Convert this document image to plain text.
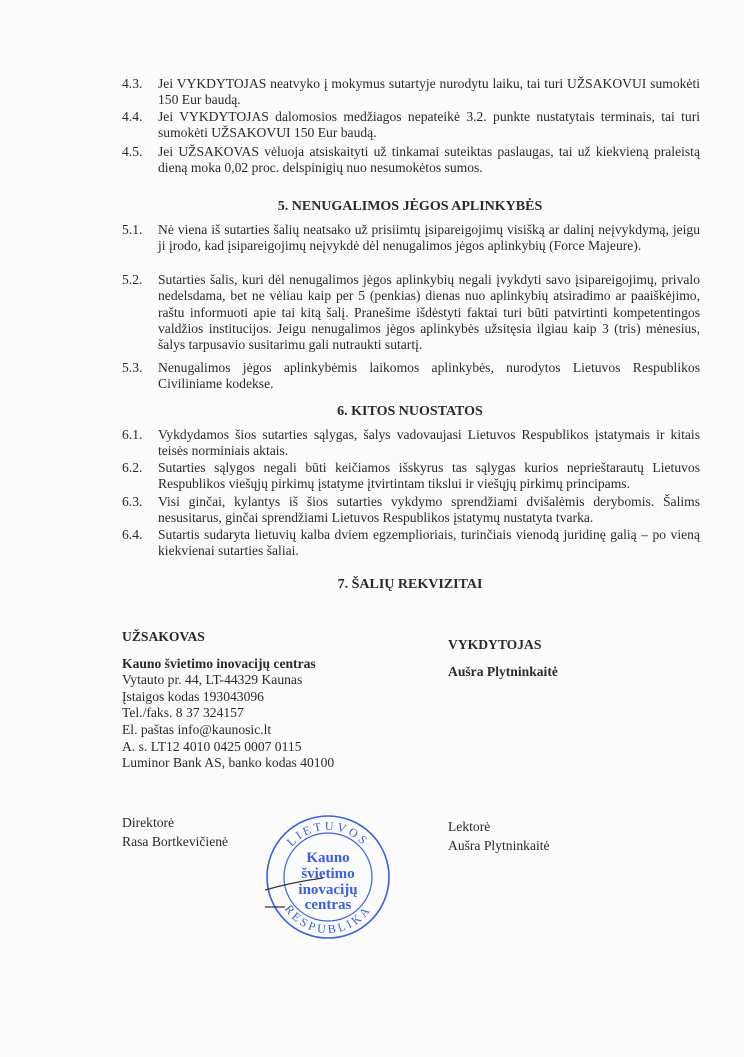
4.3. Jei VYKDYTOJAS neatvyko į mokymus sutartyje nurodytu laiku, tai turi UŽSAKOVUI sumokėti 150 Eur baudą.
4.4. Jei VYKDYTOJAS dalomosios medžiagos nepateikė 3.2. punkte nustatytais terminais, tai turi sumokėti UŽSAKOVUI 150 Eur baudą.
4.5. Jei UŽSAKOVAS vėluoja atsiskaityti už tinkamai suteiktas paslaugas, tai už kiekvieną praleistą dieną moka 0,02 proc. delspinigių nuo nesumokėtos sumos.
5. NENUGALIMOS JĖGOS APLINKYBĖS
5.1. Nė viena iš sutarties šalių neatsako už prisiimtų įsipareigojimų visišką ar dalinį neįvykdymą, jeigu ji įrodo, kad įsipareigojimų neįvykdė dėl nenugalimos jėgos aplinkybių (Force Majeure).
5.2. Sutarties šalis, kuri dėl nenugalimos jėgos aplinkybių negali įvykdyti savo įsipareigojimų, privalo nedelsdama, bet ne vėliau kaip per 5 (penkias) dienas nuo aplinkybių atsiradimo ar paaiškėjimo, raštu informuoti apie tai kitą šalį. Pranešime išdėstyti faktai turi būti patvirtinti kompetentingos valdžios institucijos. Jeigu nenugalimos jėgos aplinkybės užsitęsia ilgiau kaip 3 (tris) mėnesius, šalys tarpusavio susitarimu gali nutraukti sutartį.
5.3. Nenugalimos jėgos aplinkybėmis laikomos aplinkybės, nurodytos Lietuvos Respublikos Civiliniame kodekse.
6. KITOS NUOSTATOS
6.1. Vykdydamos šios sutarties sąlygas, šalys vadovaujasi Lietuvos Respublikos įstatymais ir kitais teisės norminiais aktais.
6.2. Sutarties sąlygos negali būti keičiamos išskyrus tas sąlygas kurios neprieštarautų Lietuvos Respublikos viešųjų pirkimų įstatyme įtvirtintam tikslui ir viešųjų pirkimų principams.
6.3. Visi ginčai, kylantys iš šios sutarties vykdymo sprendžiami dvišalėmis derybomis. Šalims nesusitarus, ginčai sprendžiami Lietuvos Respublikos įstatymų nustatyta tvarka.
6.4. Sutartis sudaryta lietuvių kalba dviem egzemplioriais, turinčiais vienodą juridinę galią – po vieną kiekvienai sutarties šaliai.
7. ŠALIŲ REKVIZITAI
UŽSAKOVAS
Kauno švietimo inovacijų centras
Vytauto pr. 44, LT-44329 Kaunas
Įstaigos kodas 193043096
Tel./faks. 8 37 324157
El. paštas info@kaunosic.lt
A. s. LT12 4010 0425 0007 0115
Luminor Bank AS, banko kodas 40100
Direktorė
Rasa Bortkevičienė
VYKDYTOJAS
Aušra Plytninkaitė
Lektorė
Aušra Plytninkaitė
LIETUVOS
RESPUBLIKA
Kauno
švietimo
inovacijų
centras
